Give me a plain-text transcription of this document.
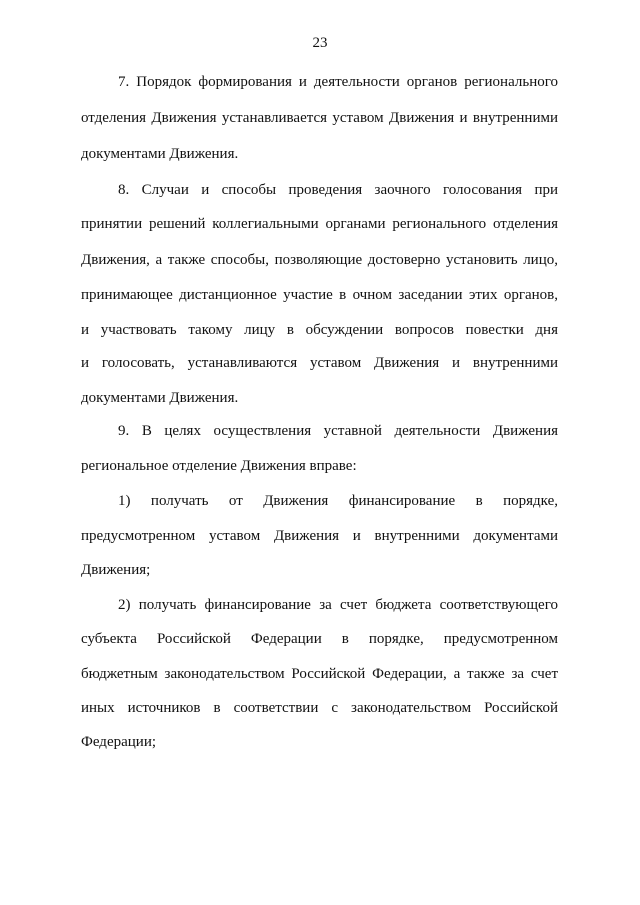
23
7. Порядок формирования и деятельности органов регионального
отделения Движения устанавливается уставом Движения и внутренними
документами Движения.
8. Случаи и способы проведения заочного голосования при
принятии решений коллегиальными органами регионального отделения
Движения, а также способы, позволяющие достоверно установить лицо,
принимающее дистанционное участие в очном заседании этих органов,
и участвовать такому лицу в обсуждении вопросов повестки дня
и голосовать, устанавливаются уставом Движения и внутренними
документами Движения.
9. В целях осуществления уставной деятельности Движения
региональное отделение Движения вправе:
1) получать от Движения финансирование в порядке,
предусмотренном уставом Движения и внутренними документами
Движения;
2) получать финансирование за счет бюджета соответствующего
субъекта Российской Федерации в порядке, предусмотренном
бюджетным законодательством Российской Федерации, а также за счет
иных источников в соответствии с законодательством Российской
Федерации;
